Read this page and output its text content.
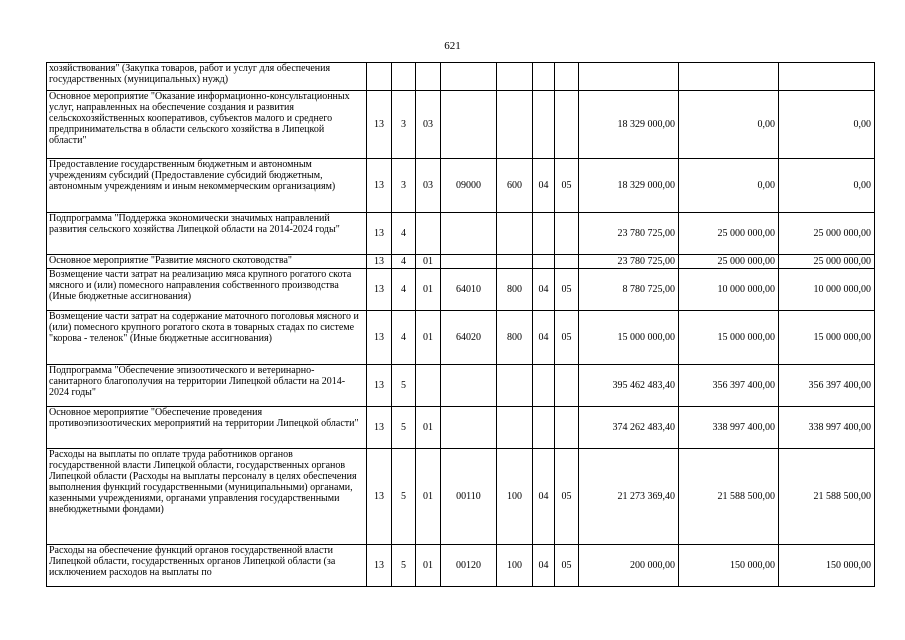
621
хозяйствования" (Закупка товаров, работ и услуг для обеспечения государственных (муниципальных) нужд)										
Основное мероприятие "Оказание информационно-консультационных услуг, направленных на обеспечение создания и развития сельскохозяйственных кооперативов, субъектов малого и среднего предпринимательства в области сельского хозяйства в Липецкой области"	13	3	03					18 329 000,00	0,00	0,00
Предоставление государственным бюджетным и автономным учреждениям субсидий (Предоставление субсидий бюджетным, автономным учреждениям и иным некоммерческим организациям)	13	3	03	09000	600	04	05	18 329 000,00	0,00	0,00
Подпрограмма "Поддержка экономически значимых направлений развития сельского хозяйства Липецкой области на 2014-2024 годы"	13	4						23 780 725,00	25 000 000,00	25 000 000,00
Основное мероприятие "Развитие мясного скотоводства"	13	4	01					23 780 725,00	25 000 000,00	25 000 000,00
Возмещение части затрат на реализацию мяса крупного рогатого скота мясного и (или) помесного направления собственного производства (Иные бюджетные ассигнования)	13	4	01	64010	800	04	05	8 780 725,00	10 000 000,00	10 000 000,00
Возмещение части затрат на содержание маточного поголовья мясного и (или) помесного крупного рогатого скота в товарных стадах по системе "корова - теленок" (Иные бюджетные ассигнования)	13	4	01	64020	800	04	05	15 000 000,00	15 000 000,00	15 000 000,00
Подпрограмма "Обеспечение эпизоотического и ветеринарно-санитарного благополучия на территории Липецкой области на 2014-2024 годы"	13	5						395 462 483,40	356 397 400,00	356 397 400,00
Основное мероприятие "Обеспечение проведения противоэпизоотических мероприятий на территории Липецкой области"	13	5	01					374 262 483,40	338 997 400,00	338 997 400,00
Расходы на выплаты по оплате труда работников органов государственной власти Липецкой области, государственных органов Липецкой области (Расходы на выплаты персоналу в целях обеспечения выполнения функций государственными (муниципальными) органами, казенными учреждениями, органами управления государственными внебюджетными фондами)	13	5	01	00110	100	04	05	21 273 369,40	21 588 500,00	21 588 500,00
Расходы на обеспечение функций органов государственной власти Липецкой области, государственных органов Липецкой области (за исключением расходов на выплаты по	13	5	01	00120	100	04	05	200 000,00	150 000,00	150 000,00
